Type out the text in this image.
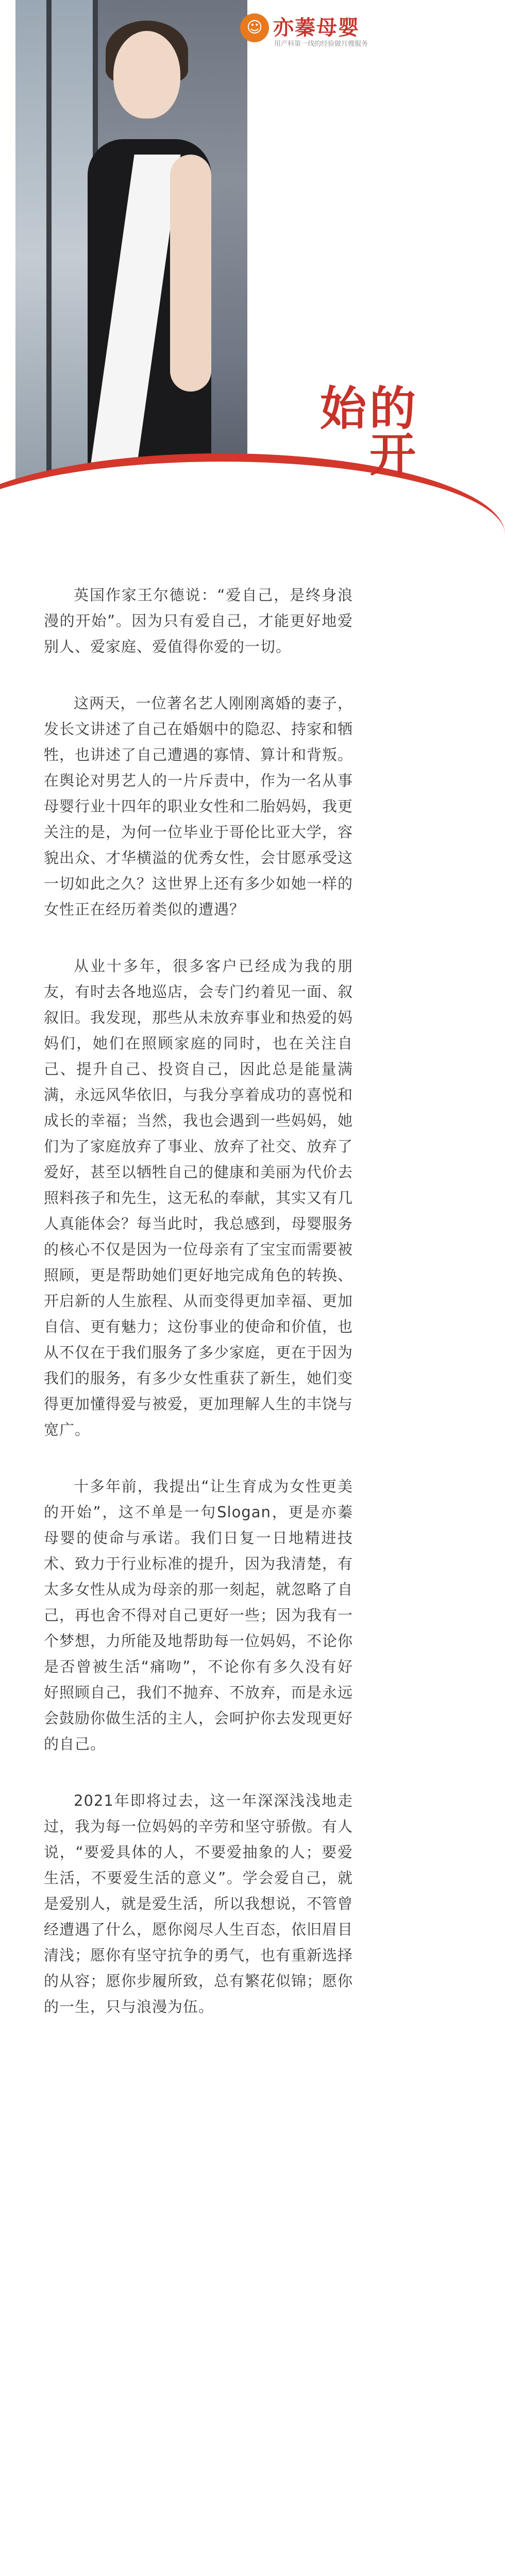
☺ 亦蓁母婴
用产科第一线的经验做月嫂服务
爱自己
是终身浪漫
的开始

英国作家王尔德说：“爱自己，是终身浪漫的开始”。因为只有爱自己，才能更好地爱别人、爱家庭、爱值得你爱的一切。

这两天，一位著名艺人刚刚离婚的妻子，发长文讲述了自己在婚姻中的隐忍、持家和牺牲，也讲述了自己遭遇的寡情、算计和背叛。在舆论对男艺人的一片斥责中，作为一名从事母婴行业十四年的职业女性和二胎妈妈，我更关注的是，为何一位毕业于哥伦比亚大学，容貌出众、才华横溢的优秀女性，会甘愿承受这一切如此之久？这世界上还有多少如她一样的女性正在经历着类似的遭遇？

从业十多年，很多客户已经成为我的朋友，有时去各地巡店，会专门约着见一面、叙叙旧。我发现，那些从未放弃事业和热爱的妈妈们，她们在照顾家庭的同时，也在关注自己、提升自己、投资自己，因此总是能量满满，永远风华依旧，与我分享着成功的喜悦和成长的幸福；当然，我也会遇到一些妈妈，她们为了家庭放弃了事业、放弃了社交、放弃了爱好，甚至以牺牲自己的健康和美丽为代价去照料孩子和先生，这无私的奉献，其实又有几人真能体会？每当此时，我总感到，母婴服务的核心不仅是因为一位母亲有了宝宝而需要被照顾，更是帮助她们更好地完成角色的转换、开启新的人生旅程、从而变得更加幸福、更加自信、更有魅力；这份事业的使命和价值，也从不仅在于我们服务了多少家庭，更在于因为我们的服务，有多少女性重获了新生，她们变得更加懂得爱与被爱，更加理解人生的丰饶与宽广。

十多年前，我提出“让生育成为女性更美的开始”，这不单是一句Slogan，更是亦蓁母婴的使命与承诺。我们日复一日地精进技术、致力于行业标准的提升，因为我清楚，有太多女性从成为母亲的那一刻起，就忽略了自己，再也舍不得对自己更好一些；因为我有一个梦想，力所能及地帮助每一位妈妈，不论你是否曾被生活“痛吻”，不论你有多久没有好好照顾自己，我们不抛弃、不放弃，而是永远会鼓励你做生活的主人，会呵护你去发现更好的自己。

2021年即将过去，这一年深深浅浅地走过，我为每一位妈妈的辛劳和坚守骄傲。有人说，“要爱具体的人，不要爱抽象的人；要爱生活，不要爱生活的意义”。学会爱自己，就是爱别人，就是爱生活，所以我想说，不管曾经遭遇了什么，愿你阅尽人生百态，依旧眉目清浅；愿你有坚守抗争的勇气，也有重新选择的从容；愿你步履所致，总有繁花似锦；愿你的一生，只与浪漫为伍。
